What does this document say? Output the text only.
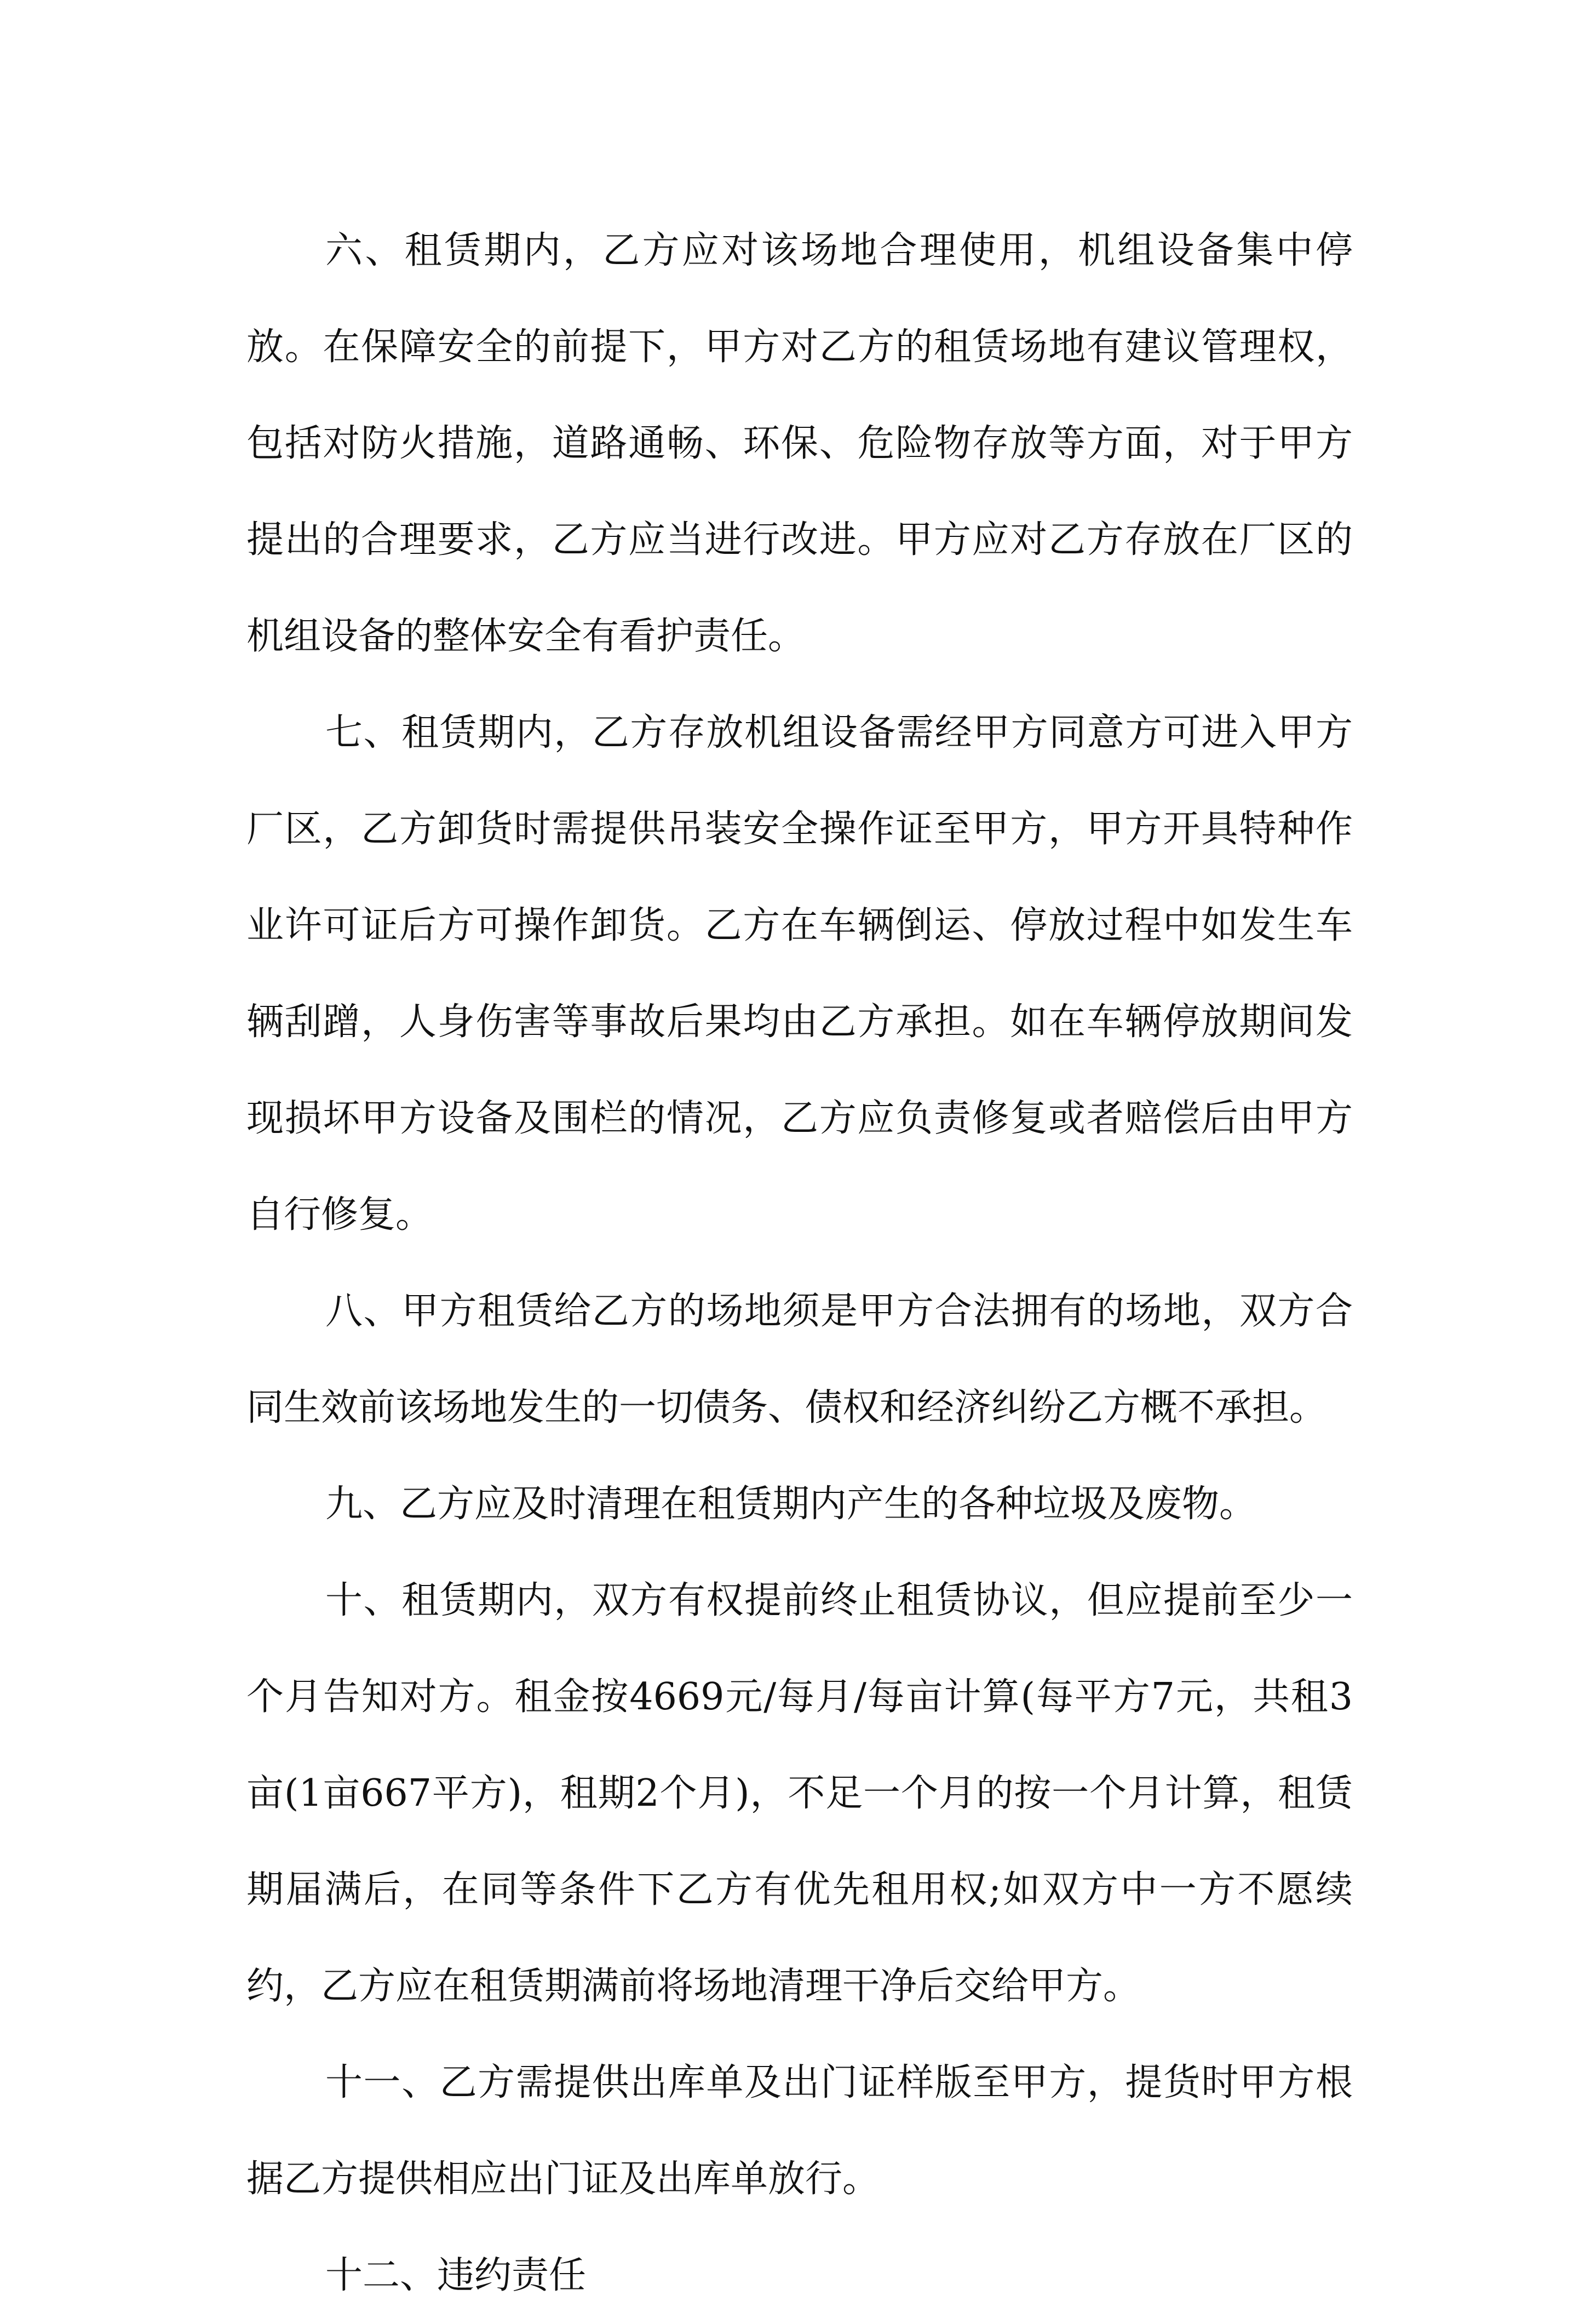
六、租赁期内，乙方应对该场地合理使用，机组设备集中停放。在保障安全的前提下，甲方对乙方的租赁场地有建议管理权，包括对防火措施，道路通畅、环保、危险物存放等方面，对于甲方提出的合理要求，乙方应当进行改进。甲方应对乙方存放在厂区的机组设备的整体安全有看护责任。

七、租赁期内，乙方存放机组设备需经甲方同意方可进入甲方厂区，乙方卸货时需提供吊装安全操作证至甲方，甲方开具特种作业许可证后方可操作卸货。乙方在车辆倒运、停放过程中如发生车辆刮蹭，人身伤害等事故后果均由乙方承担。如在车辆停放期间发现损坏甲方设备及围栏的情况，乙方应负责修复或者赔偿后由甲方自行修复。

八、甲方租赁给乙方的场地须是甲方合法拥有的场地，双方合同生效前该场地发生的一切债务、债权和经济纠纷乙方概不承担。

九、乙方应及时清理在租赁期内产生的各种垃圾及废物。

十、租赁期内，双方有权提前终止租赁协议，但应提前至少一个月告知对方。租金按4669元/每月/每亩计算(每平方7元，共租3亩(1亩667平方)，租期2个月)，不足一个月的按一个月计算，租赁期届满后，在同等条件下乙方有优先租用权;如双方中一方不愿续约，乙方应在租赁期满前将场地清理干净后交给甲方。

十一、乙方需提供出库单及出门证样版至甲方，提货时甲方根据乙方提供相应出门证及出库单放行。

十二、违约责任
